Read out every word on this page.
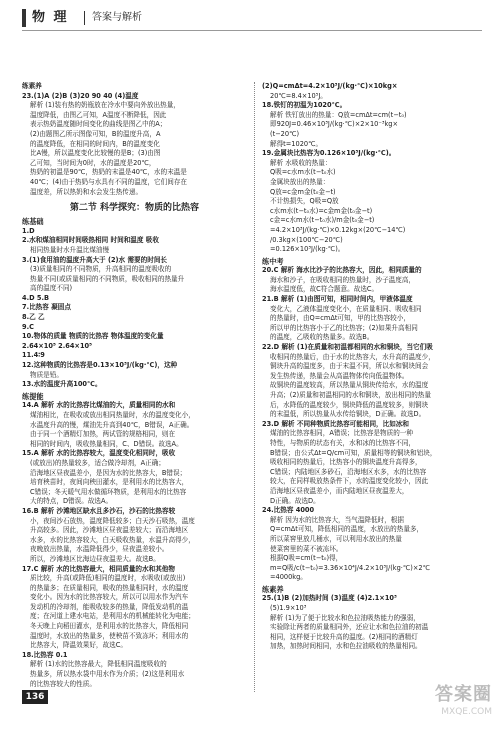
物 理 答案与解析

练素养

23.(1)A (2)B (3)20 90 40 (4)温度

解析 (1)装有热的奶瓶放在冷水中要向外放出热量，

温度降低，由图乙可知，A温度不断降低，因此

表示热奶温度随时间变化的曲线是图乙中的A；

(2)由题图乙所示图像可知，B的温度升高，A

的温度降低，在相同的时间内，B的温度变化

比A慢，所以温度变化比较慢的是B；(3)由图

乙可知，当时间为0时，水的温度是20℃，

热奶的初温是90℃，热奶的末温是40℃，水的末温是

40℃；(4)由于热奶与水具有不同的温度，它们间存在

温度差，所以热奶和水会发生热传递。

第二节 科学探究：物质的比热容
练基础

1.D

2.水和煤油相同时间吸热相同 时间和温度 吸收

相同热量时水升温比煤油慢

3.(1)食用油的温度升高大于 (2)水 需要的时间长

(3)质量相同的不同物质，升高相同的温度吸收的

热量不同(或质量相同的不同物质，吸收相同的热量升

高的温度不同)

4.D 5.B

7.比热容 凝固点

8.乙 乙

9.C

10.物体的质量 物质的比热容 物体温度的变化量

2.64×10⁵ 2.64×10⁵

11.4∶9

12.这种物质的比热容是0.13×10³J/(kg·℃)，这种

物质是铅。

13.水的温度升高100℃。

练提能

14.A 解析 水的比热容比煤油的大，质量相同的水和

煤油相比，在吸收或放出相同热量时，水的温度变化小，

水温度升高的慢，煤油先升高到40℃，B错误，A正确。

由于同一个酒精灯加热，两试管的规格相同，则在

相同的时间内，吸收热量相同，C、D错误。故选A。

15.A 解析 水的比热容较大，温度变化相同时，吸收

(或放出)的热量较多，适合做冷却剂，A正确；

沿海地区昼夜温差小，是因为水的比热容大，B错误；

培育秧苗时，夜间向秧田灌水，是利用水的比热容大，

C错误；冬天暖气用水做循环物质，是利用水的比热容

大的特点，D错误。故选A。

16.B 解析 沙滩地区缺水且多沙石，沙石的比热容较

小，夜间沙石放热，温度降低较多；白天沙石吸热，温度

升高较多。因此，沙滩地区昼夜温差较大；而沿海地区

水多，水的比热容较大，白天吸收热量，水温升高得少，

夜晚放出热量，水温降低得少，昼夜温差较小。

所以，沙滩地区比海边昼夜温差大。故选B。

17.C 解析 水的比热容最大，相同质量的水和其他物

质比较，升高(或降低)相同的温度时，水吸收(或放出)

的热量多；在质量相同，吸收的热量相同时，水的温度

变化小。因为水的比热容较大，所以可以用水作为汽车

发动机的冷却剂，能吸收较多的热量，降低发动机的温

度；在河道上建水电站，是利用水的机械能转化为电能；

冬天晚上向稻田灌水，是利用水的比热容大，降低相同

温度时，水放出的热量多，使秧苗不致冻坏；利用水的

比热容大，降温效果好，故选C。

18.比热容 0.1

解析 (1)水的比热容最大，降低相同温度吸收的

热量多，所以热水袋中用水作为介质；(2)这是利用水

的比热容较大的性质。

(2)Q=cmΔt=4.2×10³J/(kg·℃)×10kg×

20℃=8.4×10⁵J。

18.铁钉的初温为1020℃。

解析 铁钉放出的热量：Q放=cmΔt=cm(t−t₀)

即920J=0.46×10³J/(kg·℃)×2×10⁻³kg×

(t−20℃)

解得t=1020℃。

19.金属块比热容为0.126×10³J/(kg·℃)。

解析 水吸收的热量：

Q吸=c水m水(t−t₀水)

金属块放出的热量：

Q放=c金m金(t₀金−t)

不计热损失，Q吸=Q放

c水m水(t−t₀水)=c金m金(t₀金−t)

c金=c水m水(t−t₀水)/m金(t₀金−t)

=4.2×10³J/(kg·℃)×0.12kg×(20℃−14℃)

/0.3kg×(100℃−20℃)

=0.126×10³J/(kg·℃)。

练中考

20.C 解析 海水比沙子的比热容大，因此，相同质量的

海水和沙子，在吸收相同的热量时，沙子温度高，

海水温度低，故C符合题意。故选C。

21.B 解析 (1)由图可知，相同时间内，甲液体温度

变化大，乙液体温度变化小，在质量相同、吸收相同

的热量时，由Q=cmΔt可知，甲的比热容较小，

所以甲的比热容小于乙的比热容；(2)如果升高相同

的温度，乙吸收的热量多。故选B。

22.D 解析 (1)在质量和初温都相同的水和铜块，当它们吸

收相同的热量后，由于水的比热容大，水升高的温度少，

铜块升高的温度多，由于末温不同，所以水和铜块间会

发生热传递，热量会从高温物体传向低温物体。

故铜块的温度较高，所以热量从铜块传给水，水的温度

升高；(2)质量和初温相同的水和铜块，放出相同的热量

后，水降低的温度较少，铜块降低的温度较多，则铜块

的末温低，所以热量从水传给铜块，D正确。故选D。

23.D 解析 不同种物质比热容可能相同，比如冰和

煤油的比热容相同，A错误；比热容是物质的一种

特性，与物质的状态有关，水和冰的比热容不同，

B错误；由公式Δt=Q/cm可知，质量相等的铜块和铝块，

吸收相同的热量后，比热容小的铜块温度升高得多，

C错误；内陆地区多砂石，沿海地区水多，水的比热容

较大，在同样吸放热条件下，水的温度变化较小，因此

沿海地区昼夜温差小，而内陆地区昼夜温差大，

D正确。故选D。

24.比热容 4000

解析 因为水的比热容大，当气温降低时，根据

Q=cmΔt可知，降低相同的温度，水放出的热量多，

所以菜窖里放几桶水，可以利用水放出的热量

使菜窖里的菜不被冻坏。

根据Q吸=cm(t−t₀)得，

m=Q吸/c(t−t₀)=3.36×10⁴J/4.2×10³J/(kg·℃)×2℃

=4000kg。

练素养

25.(1)B (2)加热时间 (3)温度 (4)2.1×10³

(5)1.9×10³

解析 (1)为了便于比较水和色拉油吸热能力的强弱，

实验除让两者的质量相同外，还应让水和色拉油的初温

相同，这样便于比较升高的温度。(2)相同的酒精灯

加热，加热时间相同，水和色拉油吸收的热量相同。

136	答案圈
MXQE.COM
